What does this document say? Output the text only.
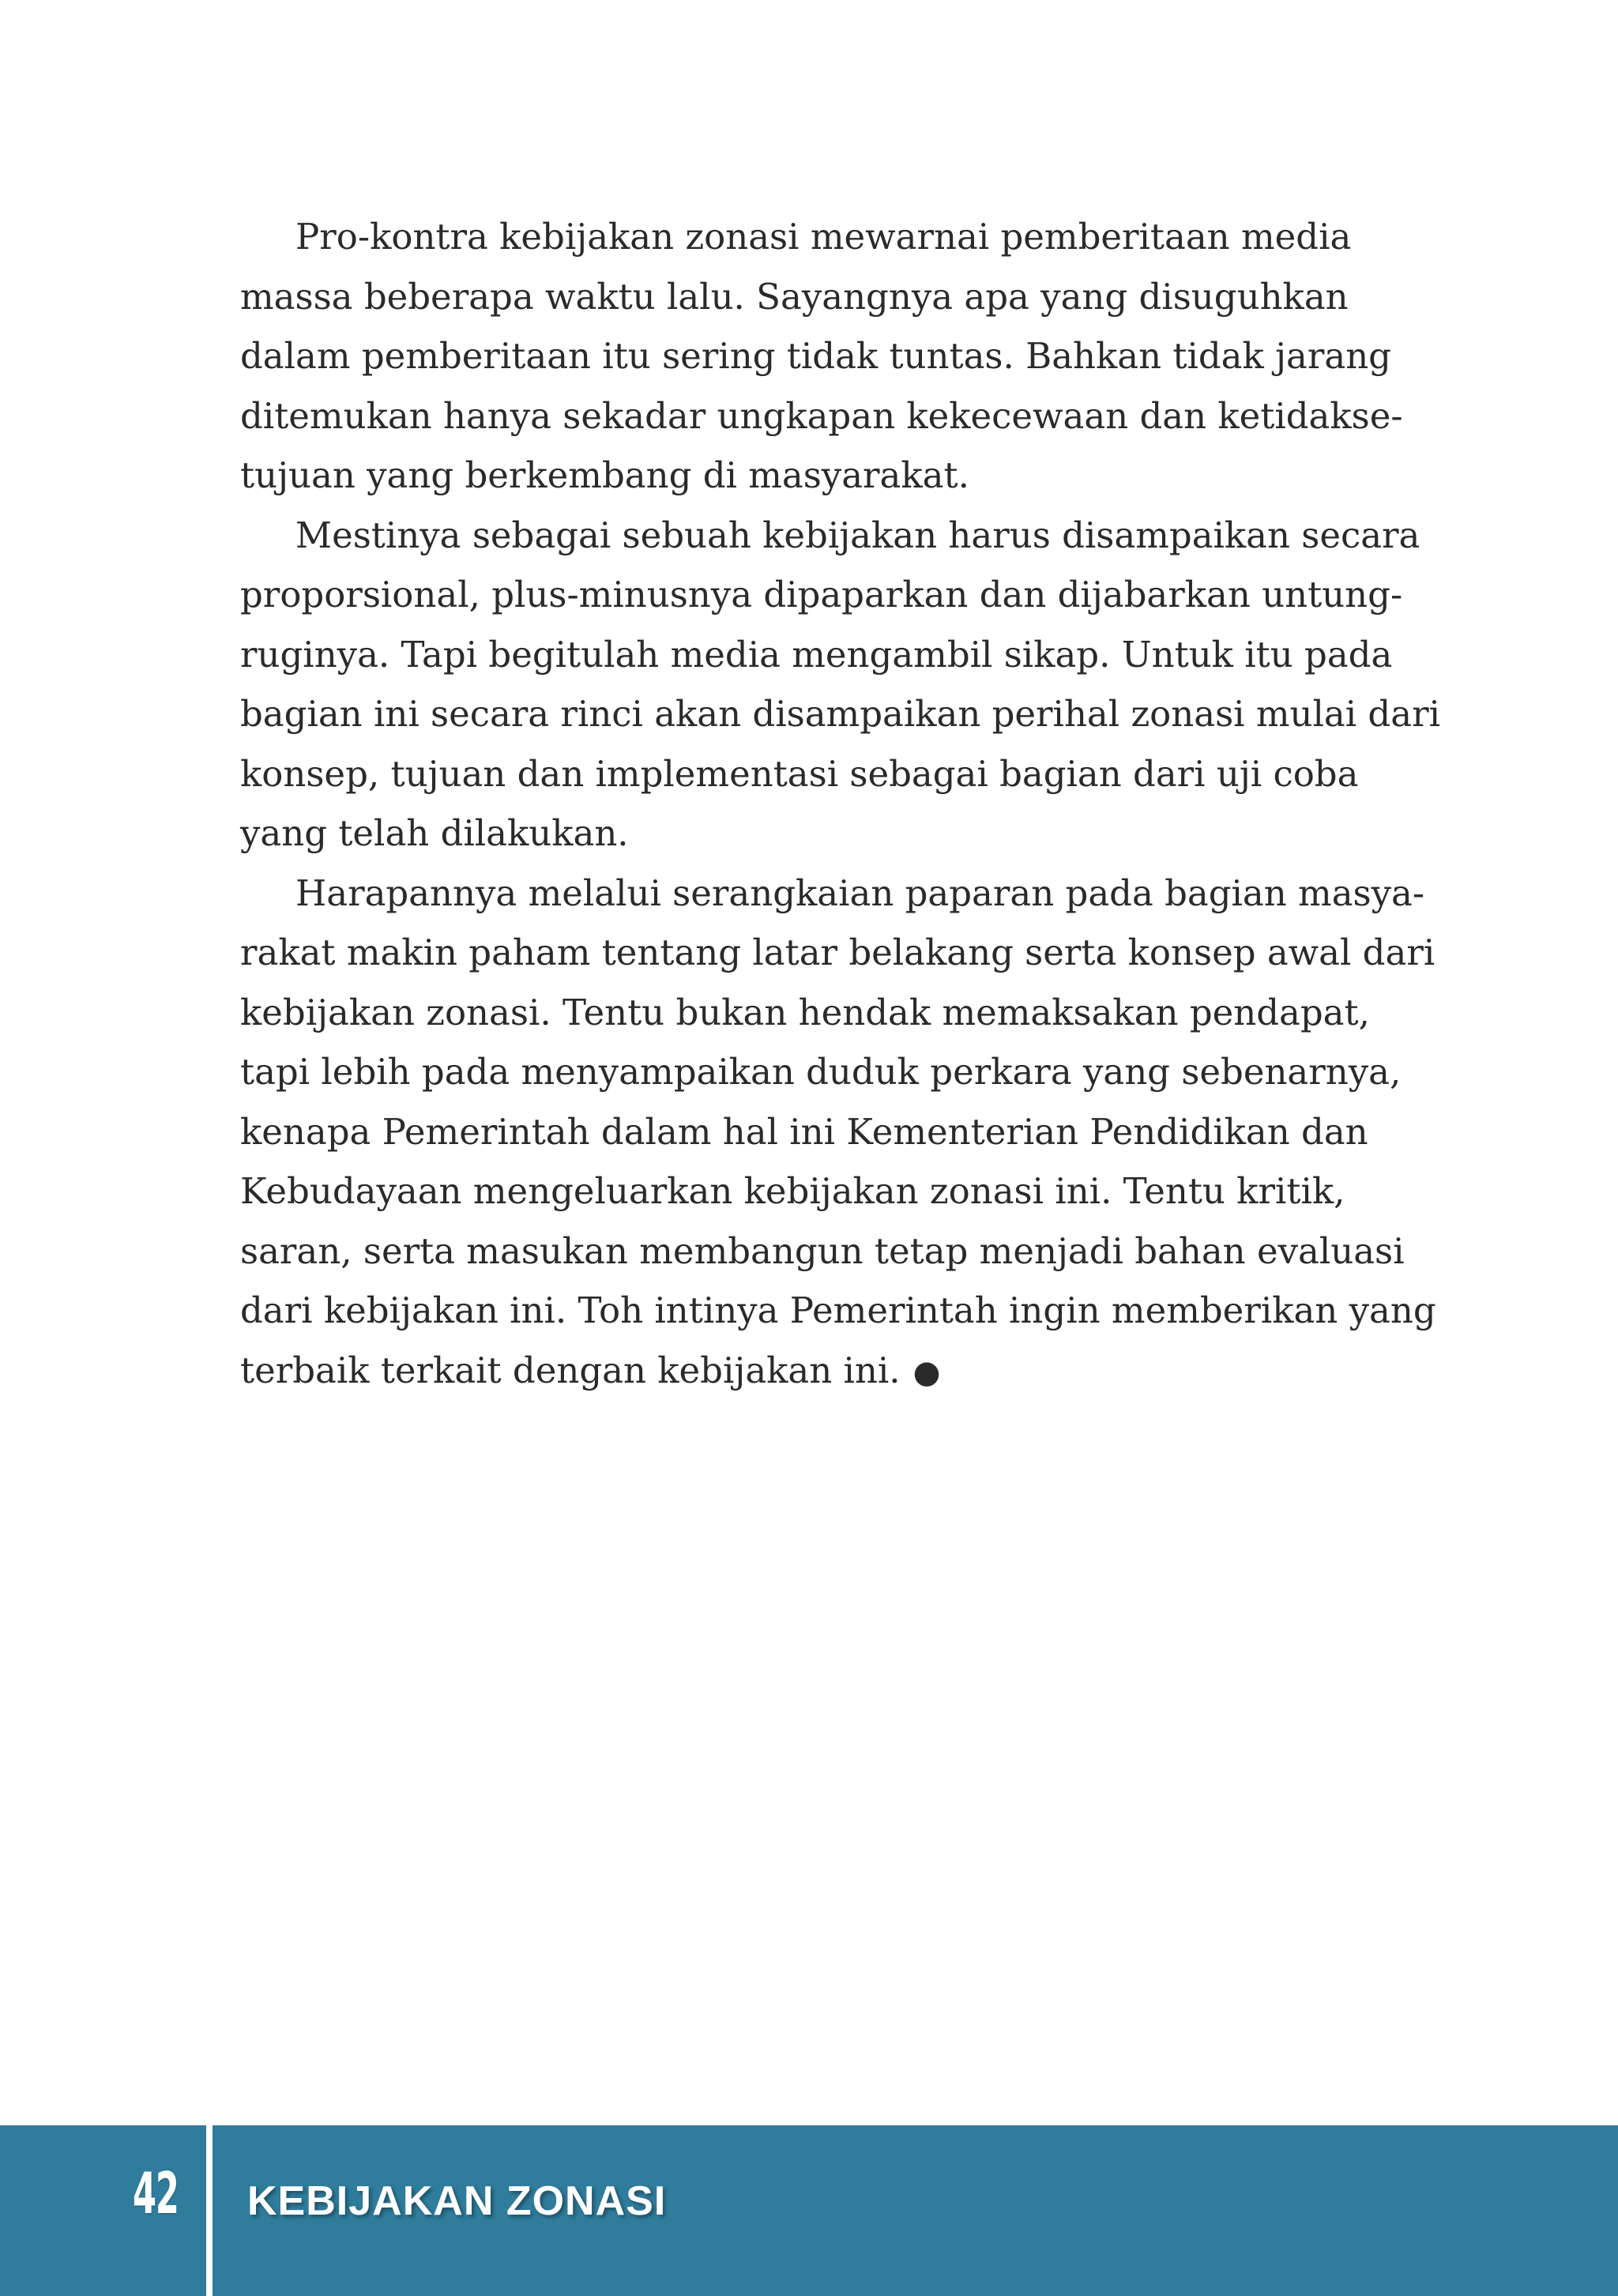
Pro-kontra kebijakan zonasi mewarnai pemberitaan media
massa beberapa waktu lalu. Sayangnya apa yang disuguhkan
dalam pemberitaan itu sering tidak tuntas. Bahkan tidak jarang
ditemukan hanya sekadar ungkapan kekecewaan dan ketidakse-
tujuan yang berkembang di masyarakat.

Mestinya sebagai sebuah kebijakan harus disampaikan secara
proporsional, plus-minusnya dipaparkan dan dijabarkan untung-
ruginya. Tapi begitulah media mengambil sikap. Untuk itu pada
bagian ini secara rinci akan disampaikan perihal zonasi mulai dari
konsep, tujuan dan implementasi sebagai bagian dari uji coba
yang telah dilakukan.

Harapannya melalui serangkaian paparan pada bagian masya-
rakat makin paham tentang latar belakang serta konsep awal dari
kebijakan zonasi. Tentu bukan hendak memaksakan pendapat,
tapi lebih pada menyampaikan duduk perkara yang sebenarnya,
kenapa Pemerintah dalam hal ini Kementerian Pendidikan dan
Kebudayaan mengeluarkan kebijakan zonasi ini. Tentu kritik,
saran, serta masukan membangun tetap menjadi bahan evaluasi
dari kebijakan ini. Toh intinya Pemerintah ingin memberikan yang
terbaik terkait dengan kebijakan ini. ●

42 KEBIJAKAN ZONASI
